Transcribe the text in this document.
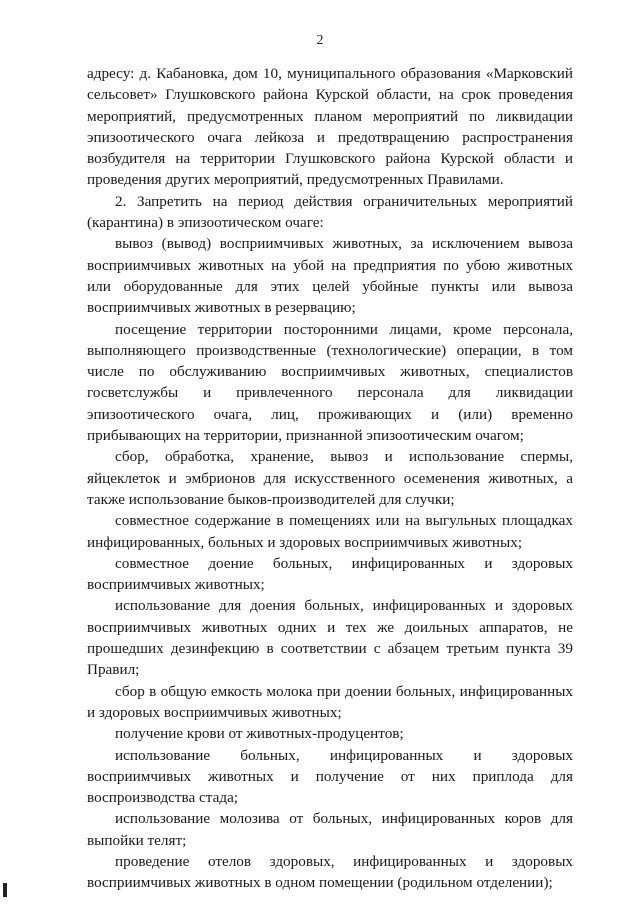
2

адресу: д. Кабановка, дом 10, муниципального образования «Марковский сельсовет» Глушковского района Курской области, на срок проведения мероприятий, предусмотренных планом мероприятий по ликвидации эпизоотического очага лейкоза и предотвращению распространения возбудителя на территории Глушковского района Курской области и проведения других мероприятий, предусмотренных Правилами.

2. Запретить на период действия ограничительных мероприятий (карантина) в эпизоотическом очаге:

вывоз (вывод) восприимчивых животных, за исключением вывоза восприимчивых животных на убой на предприятия по убою животных или оборудованные для этих целей убойные пункты или вывоза восприимчивых животных в резервацию;

посещение территории посторонними лицами, кроме персонала, выполняющего производственные (технологические) операции, в том числе по обслуживанию восприимчивых животных, специалистов госветслужбы и привлеченного персонала для ликвидации эпизоотического очага, лиц, проживающих и (или) временно прибывающих на территории, признанной эпизоотическим очагом;

сбор, обработка, хранение, вывоз и использование спермы, яйцеклеток и эмбрионов для искусственного осеменения животных, а также использование быков-производителей для случки;

совместное содержание в помещениях или на выгульных площадках инфицированных, больных и здоровых восприимчивых животных;

совместное доение больных, инфицированных и здоровых восприимчивых животных;

использование для доения больных, инфицированных и здоровых восприимчивых животных одних и тех же доильных аппаратов, не прошедших дезинфекцию в соответствии с абзацем третьим пункта 39 Правил;

сбор в общую емкость молока при доении больных, инфицированных и здоровых восприимчивых животных;

получение крови от животных-продуцентов;

использование больных, инфицированных и здоровых восприимчивых животных и получение от них приплода для воспроизводства стада;

использование молозива от больных, инфицированных коров для выпойки телят;

проведение отелов здоровых, инфицированных и здоровых восприимчивых животных в одном помещении (родильном отделении);
